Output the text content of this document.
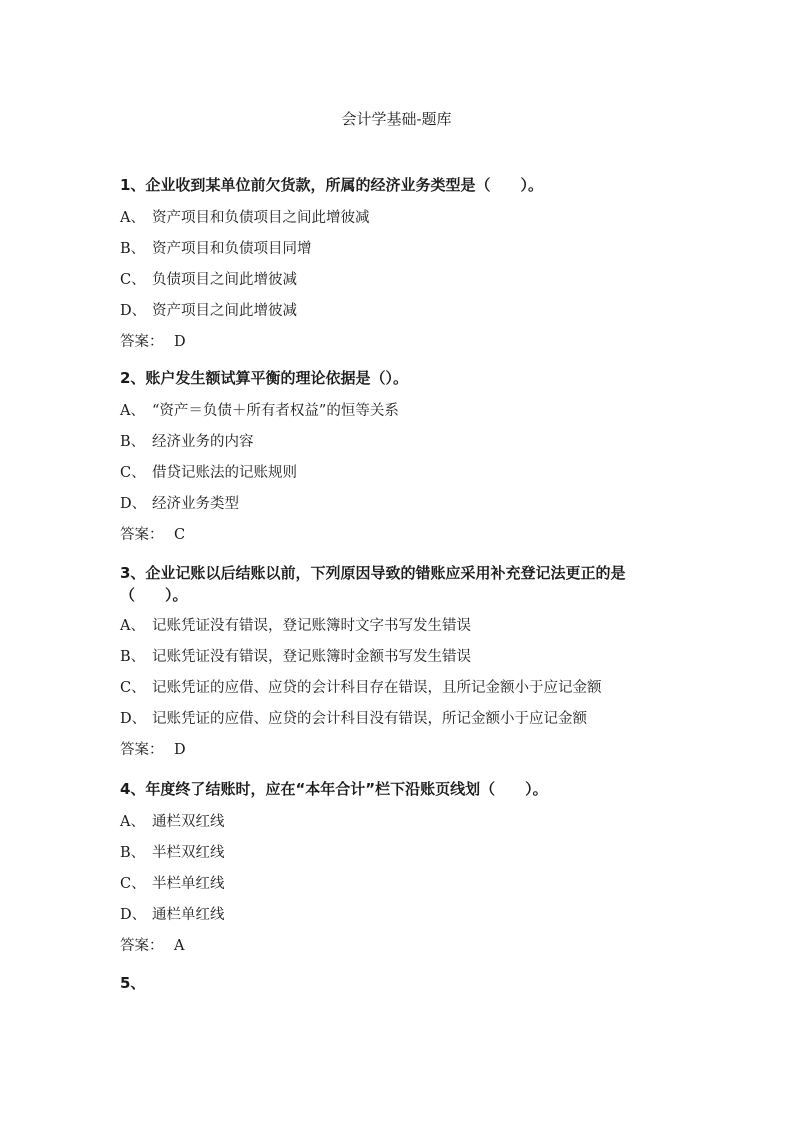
会计学基础-题库

1、企业收到某单位前欠货款，所属的经济业务类型是（　　）。

A、 资产项目和负债项目之间此增彼减
B、 资产项目和负债项目同增
C、 负债项目之间此增彼减
D、 资产项目之间此增彼减
答案： D

2、账户发生额试算平衡的理论依据是（）。

A、 “资产＝负债＋所有者权益”的恒等关系
B、 经济业务的内容
C、 借贷记账法的记账规则
D、 经济业务类型
答案： C

3、企业记账以后结账以前，下列原因导致的错账应采用补充登记法更正的是（　　）。

A、 记账凭证没有错误，登记账簿时文字书写发生错误
B、 记账凭证没有错误，登记账簿时金额书写发生错误
C、 记账凭证的应借、应贷的会计科目存在错误，且所记金额小于应记金额
D、 记账凭证的应借、应贷的会计科目没有错误，所记金额小于应记金额
答案： D

4、年度终了结账时，应在“本年合计”栏下沿账页线划（　　）。

A、 通栏双红线
B、 半栏双红线
C、 半栏单红线
D、 通栏单红线
答案： A

5、
